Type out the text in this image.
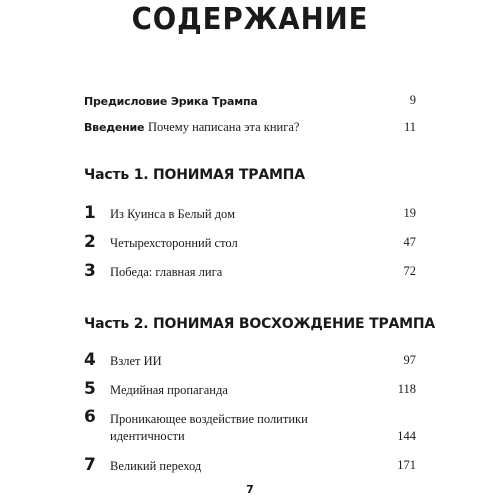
СОДЕРЖАНИЕ
Предисловие Эрика Трампа	9
Введение Почему написана эта книга?	11
Часть 1. ПОНИМАЯ ТРАМПА
1 Из Куинса в Белый дом	19
2 Четырехсторонний стол	47
3 Победа: главная лига	72
Часть 2. ПОНИМАЯ ВОСХОЖДЕНИЕ ТРАМПА
4 Взлет ИИ	97
5 Медийная пропаганда	118
6 Проникающее воздействие политики
идентичности	144
7 Великий переход	171
7
